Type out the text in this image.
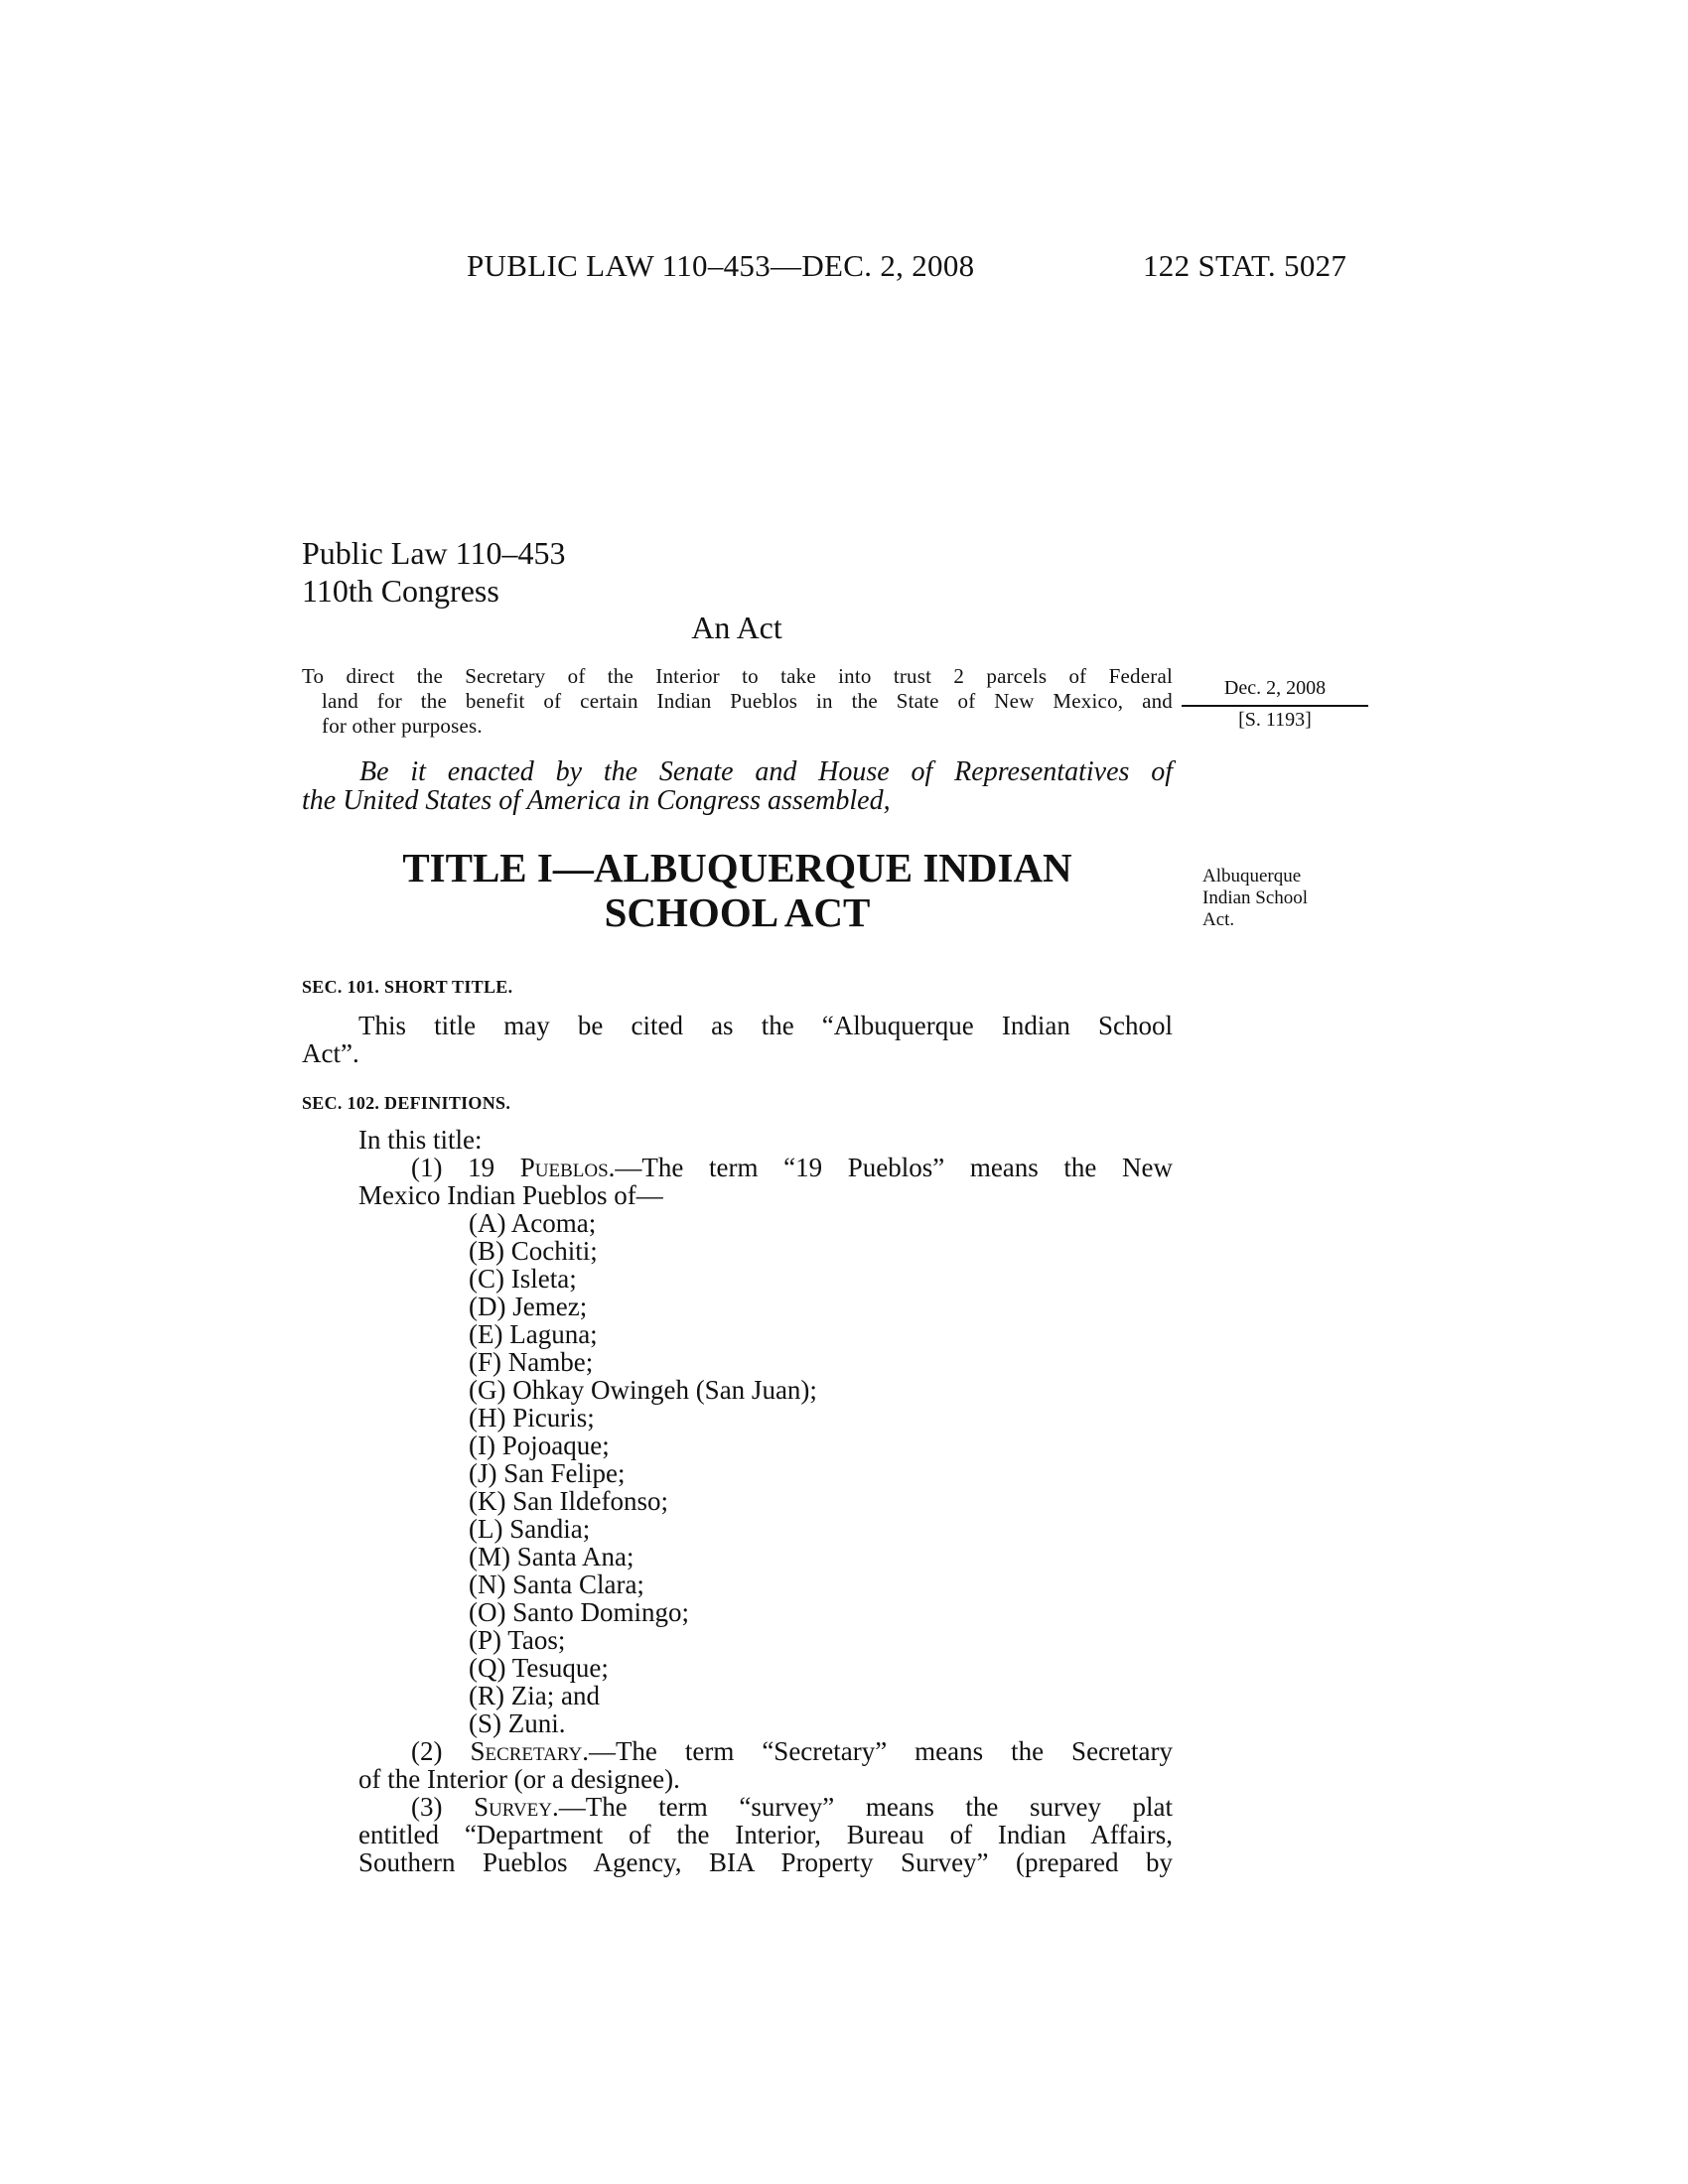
PUBLIC LAW 110–453—DEC. 2, 2008	122 STAT. 5027
Public Law 110–453
110th Congress
An Act
To direct the Secretary of the Interior to take into trust 2 parcels of Federal
land for the benefit of certain Indian Pueblos in the State of New Mexico, and
for other purposes.
Dec. 2, 2008
[S. 1193]
Be it enacted by the Senate and House of Representatives of
the United States of America in Congress assembled,
TITLE I—ALBUQUERQUE INDIAN
SCHOOL ACT
Albuquerque
Indian School
Act.
SEC. 101. SHORT TITLE.
This title may be cited as the “Albuquerque Indian School
Act”.
SEC. 102. DEFINITIONS.
In this title:
(1) 19 Pueblos.—The term “19 Pueblos” means the New
Mexico Indian Pueblos of—
(A) Acoma;
(B) Cochiti;
(C) Isleta;
(D) Jemez;
(E) Laguna;
(F) Nambe;
(G) Ohkay Owingeh (San Juan);
(H) Picuris;
(I) Pojoaque;
(J) San Felipe;
(K) San Ildefonso;
(L) Sandia;
(M) Santa Ana;
(N) Santa Clara;
(O) Santo Domingo;
(P) Taos;
(Q) Tesuque;
(R) Zia; and
(S) Zuni.
(2) Secretary.—The term “Secretary” means the Secretary
of the Interior (or a designee).
(3) Survey.—The term “survey” means the survey plat
entitled “Department of the Interior, Bureau of Indian Affairs,
Southern Pueblos Agency, BIA Property Survey” (prepared by
